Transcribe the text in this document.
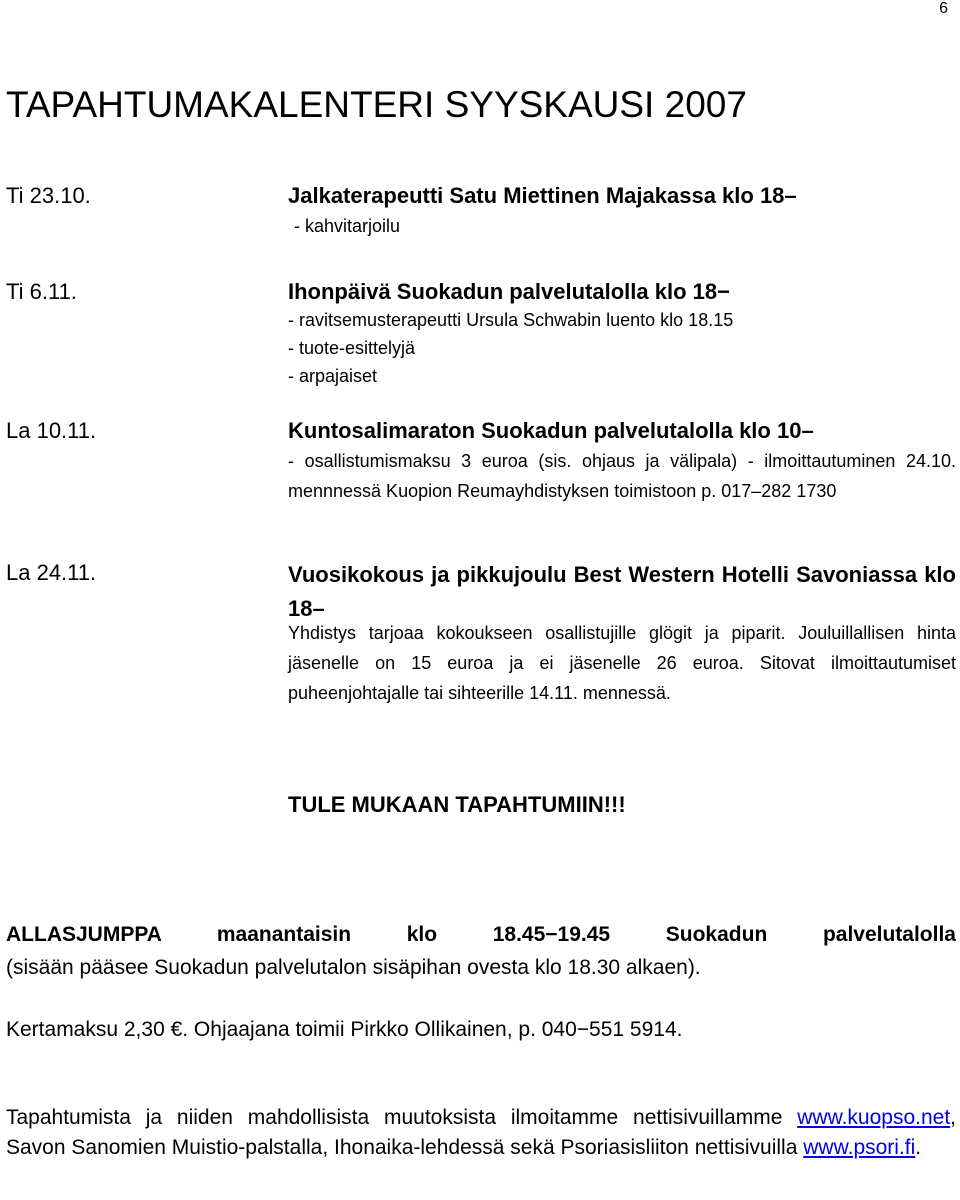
6
TAPAHTUMAKALENTERI SYYSKAUSI 2007
Ti 23.10.	Jalkaterapeutti Satu Miettinen Majakassa klo 18–
- kahvitarjoilu
Ti 6.11.	Ihonpäivä Suokadun palvelutalolla klo 18−
- ravitsemusterapeutti Ursula Schwabin luento klo 18.15
- tuote-esittelyjä
- arpajaiset
La 10.11.	Kuntosalimaraton Suokadun palvelutalolla klo 10–
- osallistumismaksu 3 euroa (sis. ohjaus ja välipala) - ilmoittautuminen 24.10. mennnessä Kuopion Reumayhdistyksen toimistoon p. 017–282 1730
La 24.11.	Vuosikokous ja pikkujoulu Best Western Hotelli Savoniassa klo 18–
Yhdistys tarjoaa kokoukseen osallistujille glögit ja piparit. Jouluillallisen hinta jäsenelle on 15 euroa ja ei jäsenelle 26 euroa. Sitovat ilmoittautumiset puheenjohtajalle tai sihteerille 14.11. mennessä.
TULE MUKAAN TAPAHTUMIIN!!!
ALLASJUMPPA maanantaisin klo 18.45−19.45 Suokadun palvelutalolla
(sisään pääsee Suokadun palvelutalon sisäpihan ovesta klo 18.30 alkaen).
Kertamaksu 2,30 €. Ohjaajana toimii Pirkko Ollikainen, p. 040−551 5914.
Tapahtumista ja niiden mahdollisista muutoksista ilmoitamme nettisivuillamme www.kuopso.net, Savon Sanomien Muistio-palstalla, Ihonaika-lehdessä sekä Psoriasisliiton nettisivuilla www.psori.fi.
